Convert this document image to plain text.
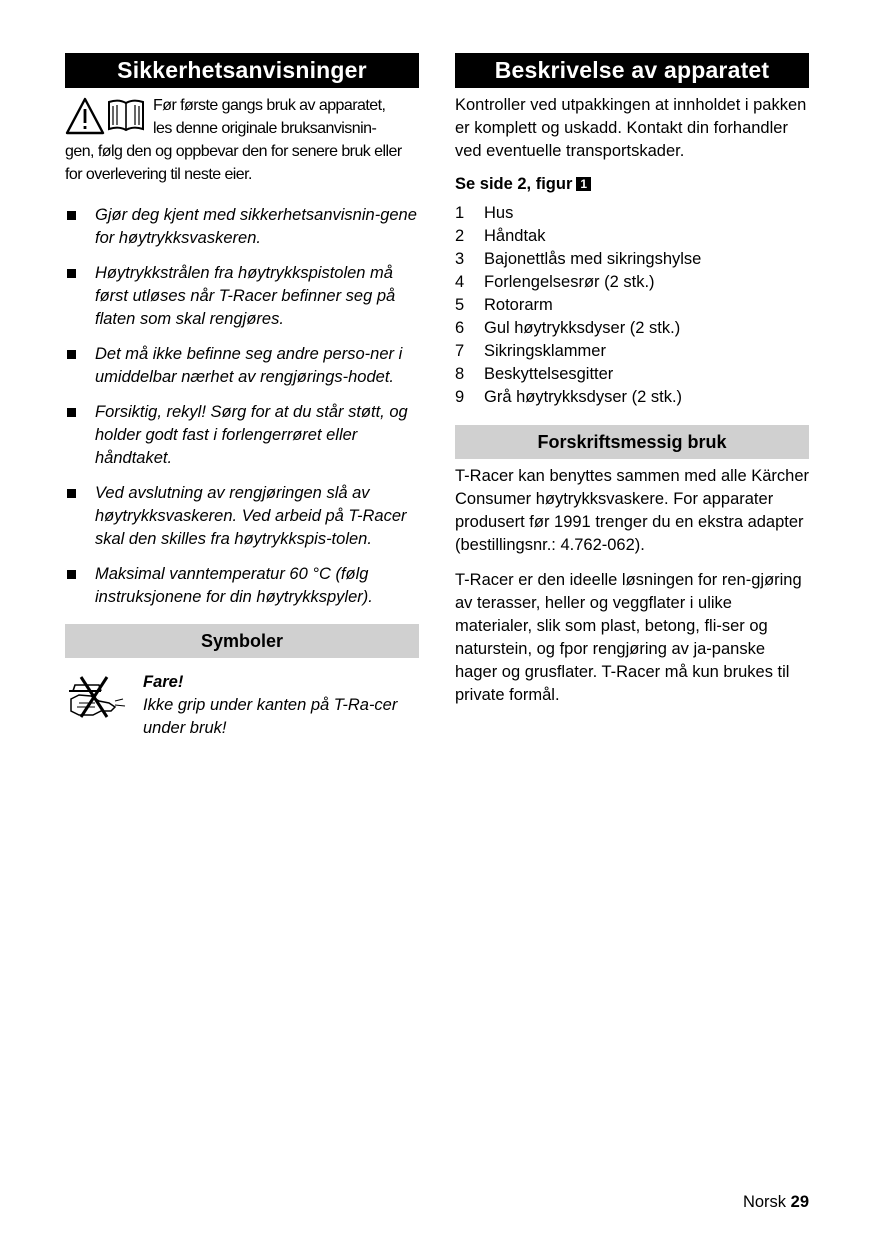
Sikkerhetsanvisninger

Før første gangs bruk av apparatet,
les denne originale bruksanvisnin-

gen, følg den og oppbevar den for senere bruk eller for overlevering til neste eier.

Gjør deg kjent med sikkerhetsanvisnin-gene for høytrykksvaskeren.
Høytrykkstrålen fra høytrykkspistolen må først utløses når T-Racer befinner seg på flaten som skal rengjøres.
Det må ikke befinne seg andre perso-ner i umiddelbar nærhet av rengjørings-hodet.
Forsiktig, rekyl! Sørg for at du står støtt, og holder godt fast i forlengerrøret eller håndtaket.
Ved avslutning av rengjøringen slå av høytrykksvaskeren. Ved arbeid på T-Racer skal den skilles fra høytrykkspis-tolen.
Maksimal vanntemperatur 60 °C (følg instruksjonene for din høytrykkspyler).
Symboler
Fare!
Ikke grip under kanten på T-Ra-cer under bruk!
Beskrivelse av apparatet

Kontroller ved utpakkingen at innholdet i pakken er komplett og uskadd. Kontakt din forhandler ved eventuelle transportskader.

Se side 2, figur 1
1 Hus
2 Håndtak
3 Bajonettlås med sikringshylse
4 Forlengelsesrør (2 stk.)
5 Rotorarm
6 Gul høytrykksdyser (2 stk.)
7 Sikringsklammer
8 Beskyttelsesgitter
9 Grå høytrykksdyser (2 stk.)
Forskriftsmessig bruk

T-Racer kan benyttes sammen med alle Kärcher Consumer høytrykksvaskere. For apparater produsert før 1991 trenger du en ekstra adapter (bestillingsnr.: 4.762-062).

T-Racer er den ideelle løsningen for ren-gjøring av terasser, heller og veggflater i ulike materialer, slik som plast, betong, fli-ser og naturstein, og fpor rengjøring av ja-panske hager og grusflater. T-Racer må kun brukes til private formål.

Norsk 29
